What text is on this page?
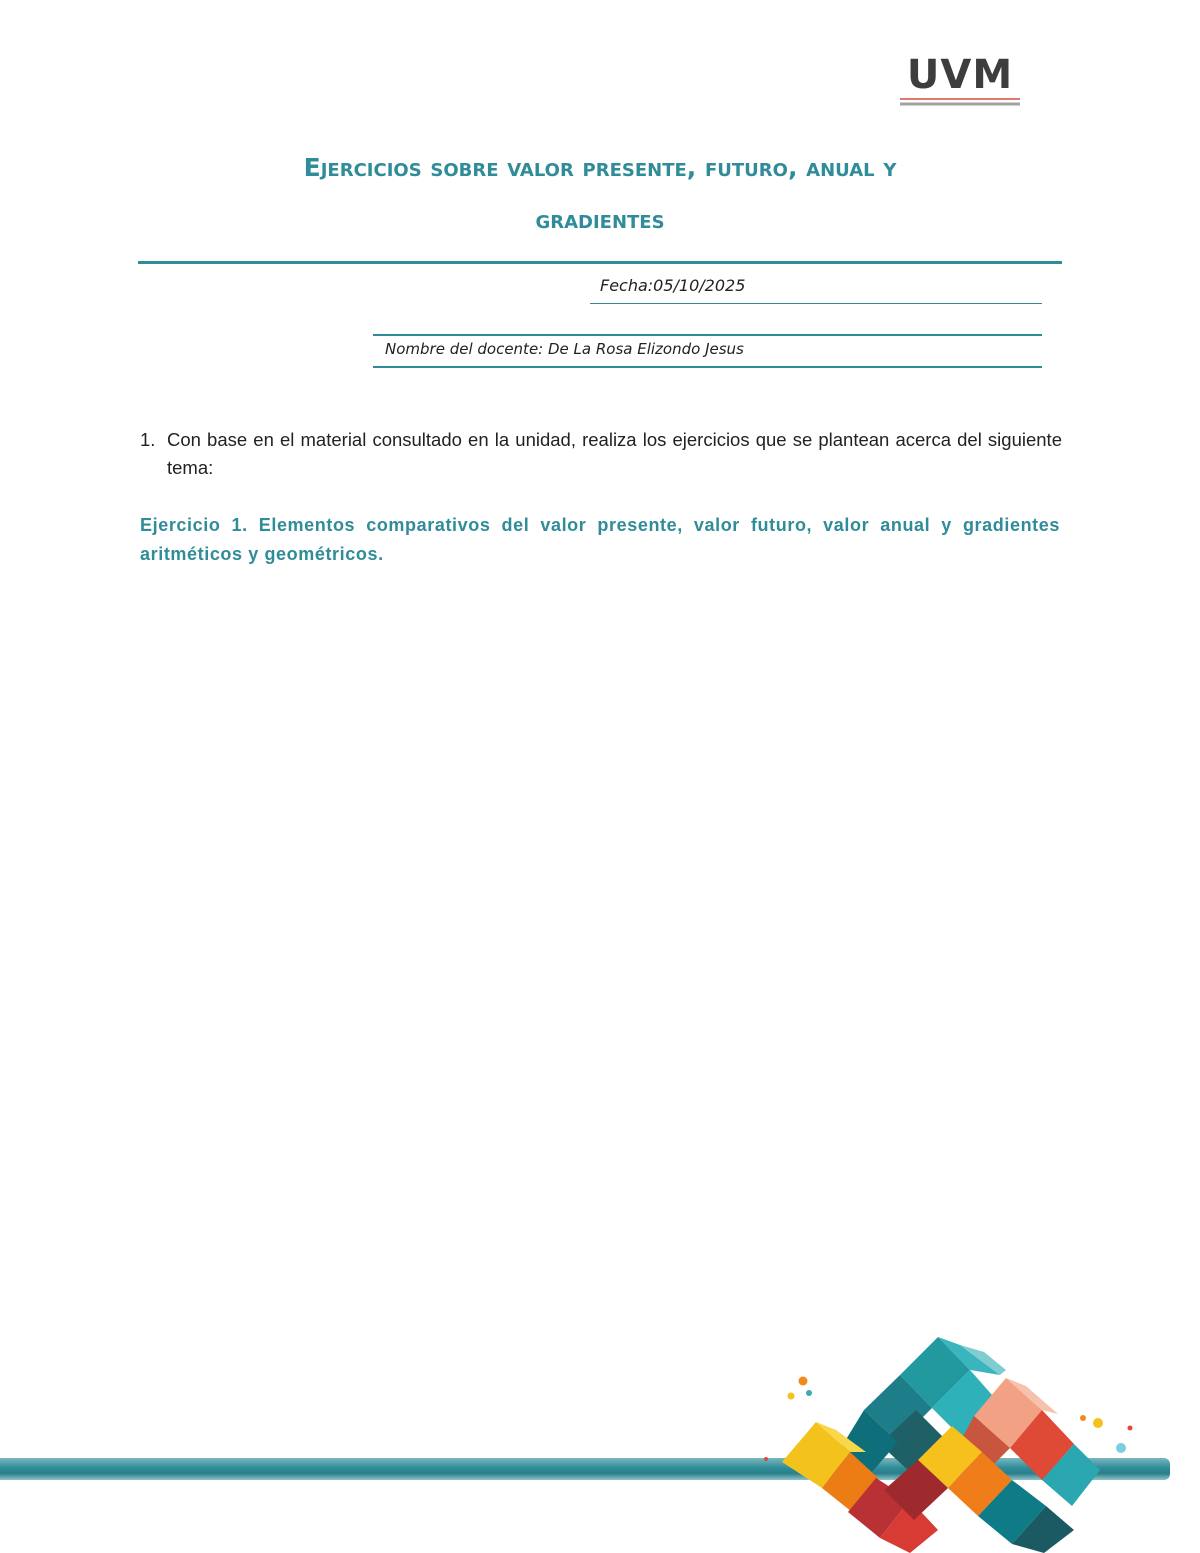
UVM
Ejercicios sobre valor presente, futuro, anual y
gradientes
Fecha:05/10/2025
Nombre del docente: De La Rosa Elizondo Jesus
1. Con base en el material consultado en la unidad, realiza los ejercicios que se plantean acerca del siguiente tema:
Ejercicio 1. Elementos comparativos del valor presente, valor futuro, valor anual y gradientes aritméticos y geométricos.
